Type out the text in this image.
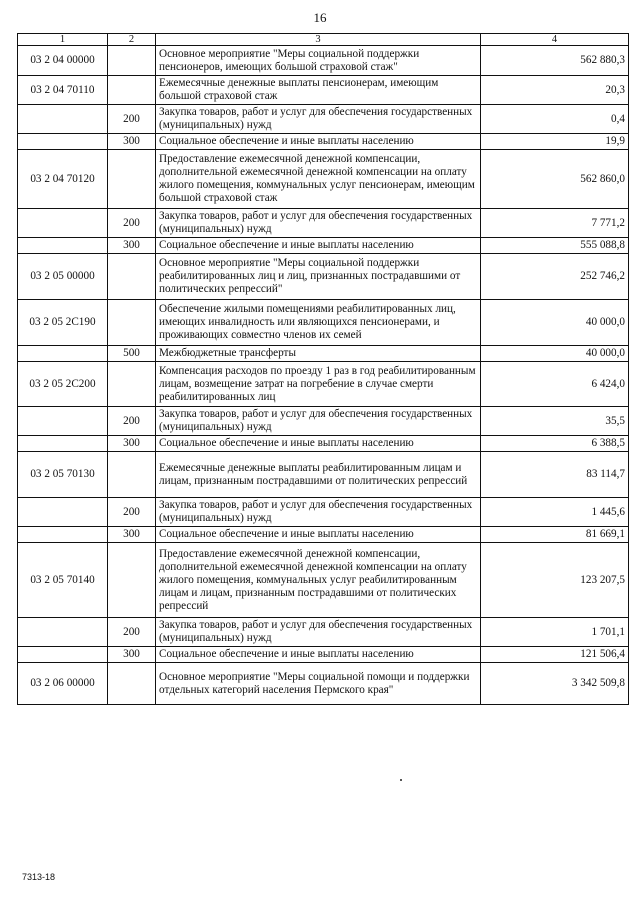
16
1	2	3	4
03 2 04 00000		Основное мероприятие "Меры социальной поддержки пенсионеров, имеющих большой страховой стаж"	562 880,3
03 2 04 70110		Ежемесячные денежные выплаты пенсионерам, имеющим большой страховой стаж	20,3
	200	Закупка товаров, работ и услуг для обеспечения государственных (муниципальных) нужд	0,4
	300	Социальное обеспечение и иные выплаты населению	19,9
03 2 04 70120		Предоставление ежемесячной денежной компенсации, дополнительной ежемесячной денежной компенсации на оплату жилого помещения, коммунальных услуг пенсионерам, имеющим большой страховой стаж	562 860,0
	200	Закупка товаров, работ и услуг для обеспечения государственных (муниципальных) нужд	7 771,2
	300	Социальное обеспечение и иные выплаты населению	555 088,8
03 2 05 00000		Основное мероприятие "Меры социальной поддержки реабилитированных лиц и лиц, признанных пострадавшими от политических репрессий"	252 746,2
03 2 05 2С190		Обеспечение жилыми помещениями реабилитированных лиц, имеющих инвалидность или являющихся пенсионерами, и проживающих совместно членов их семей	40 000,0
	500	Межбюджетные трансферты	40 000,0
03 2 05 2С200		Компенсация расходов по проезду 1 раз в год реабилитированным лицам, возмещение затрат на погребение в случае смерти реабилитированных лиц	6 424,0
	200	Закупка товаров, работ и услуг для обеспечения государственных (муниципальных) нужд	35,5
	300	Социальное обеспечение и иные выплаты населению	6 388,5
03 2 05 70130		Ежемесячные денежные выплаты реабилитированным лицам и лицам, признанным пострадавшими от политических репрессий	83 114,7
	200	Закупка товаров, работ и услуг для обеспечения государственных (муниципальных) нужд	1 445,6
	300	Социальное обеспечение и иные выплаты населению	81 669,1
03 2 05 70140		Предоставление ежемесячной денежной компенсации, дополнительной ежемесячной денежной компенсации на оплату жилого помещения, коммунальных услуг реабилитированным лицам и лицам, признанным пострадавшими от политических репрессий	123 207,5
	200	Закупка товаров, работ и услуг для обеспечения государственных (муниципальных) нужд	1 701,1
	300	Социальное обеспечение и иные выплаты населению	121 506,4
03 2 06 00000		Основное мероприятие "Меры социальной помощи и поддержки отдельных категорий населения Пермского края"	3 342 509,8
7313-18
